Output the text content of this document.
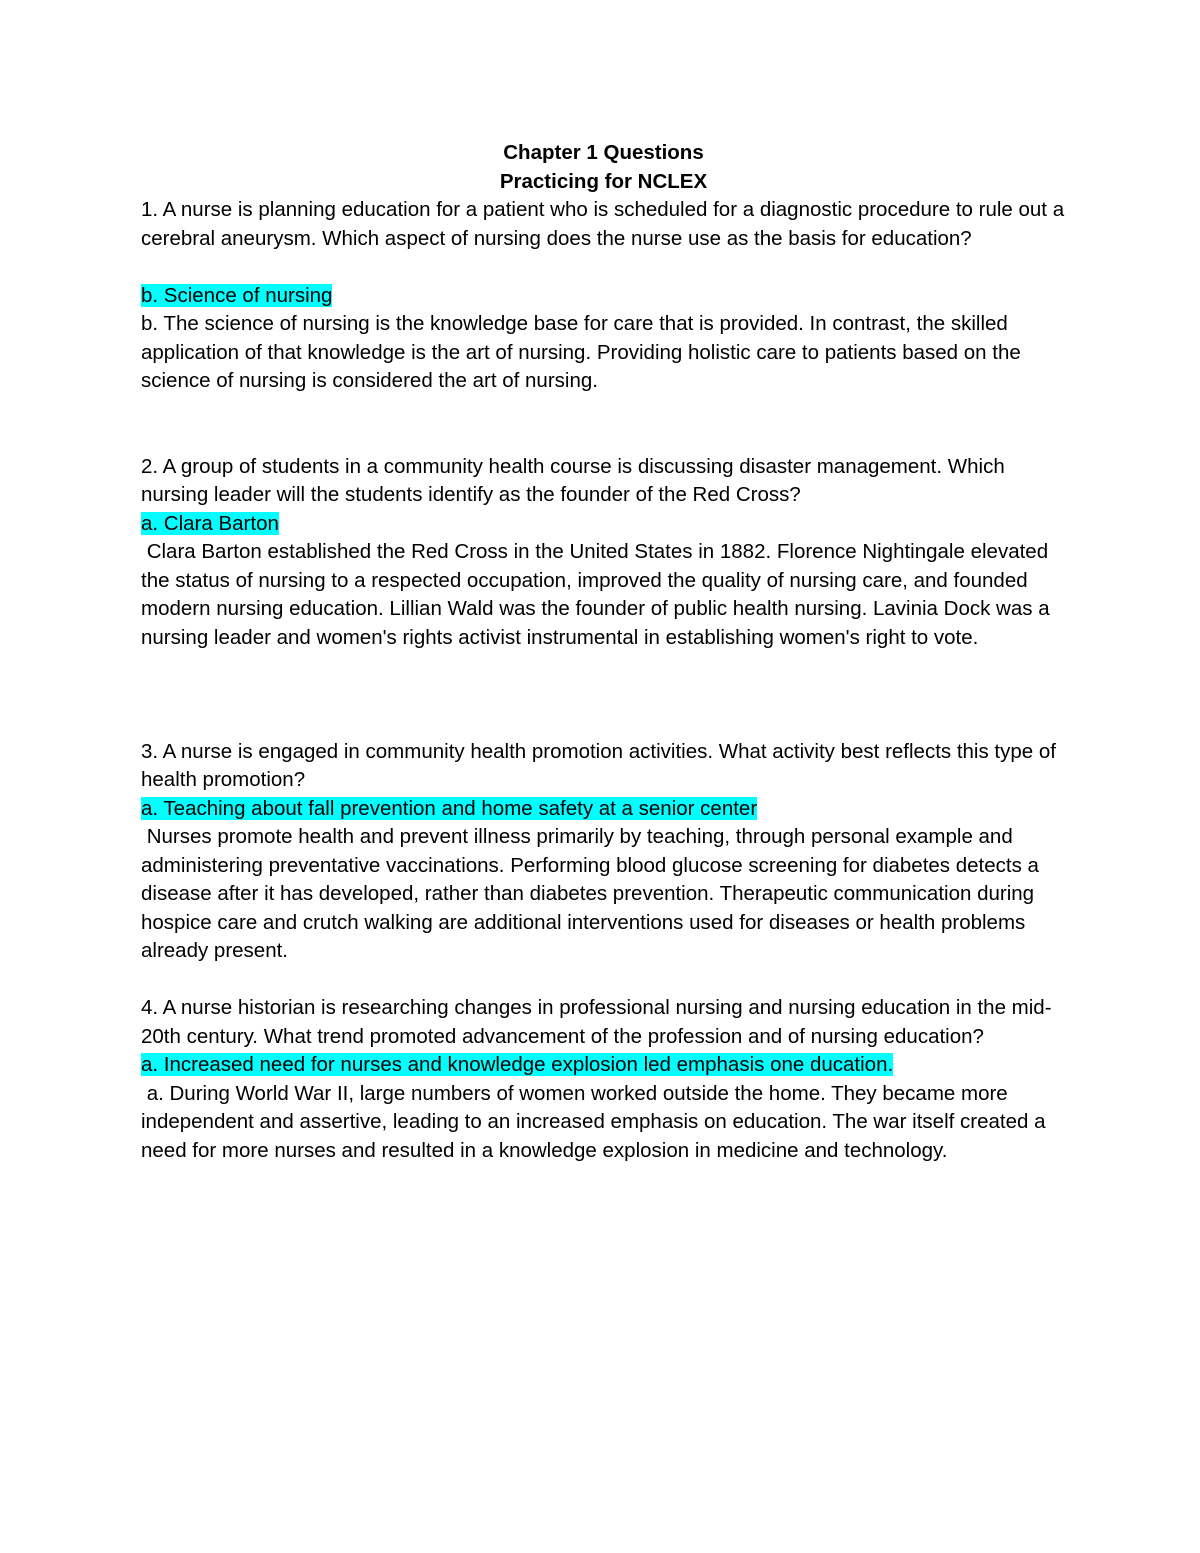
Chapter 1 Questions

Practicing for NCLEX

1. A nurse is planning education for a patient who is scheduled for a diagnostic procedure to rule out a cerebral aneurysm. Which aspect of nursing does the nurse use as the basis for education?

b. Science of nursing

b. The science of nursing is the knowledge base for care that is provided. In contrast, the skilled application of that knowledge is the art of nursing. Providing holistic care to patients based on the science of nursing is considered the art of nursing.

2. A group of students in a community health course is discussing disaster management. Which nursing leader will the students identify as the founder of the Red Cross?

a. Clara Barton

Clara Barton established the Red Cross in the United States in 1882. Florence Nightingale elevated the status of nursing to a respected occupation, improved the quality of nursing care, and founded modern nursing education. Lillian Wald was the founder of public health nursing. Lavinia Dock was a nursing leader and women's rights activist instrumental in establishing women's right to vote.

3. A nurse is engaged in community health promotion activities. What activity best reflects this type of health promotion?

a. Teaching about fall prevention and home safety at a senior center

Nurses promote health and prevent illness primarily by teaching, through personal example and administering preventative vaccinations. Performing blood glucose screening for diabetes detects a disease after it has developed, rather than diabetes prevention. Therapeutic communication during hospice care and crutch walking are additional interventions used for diseases or health problems already present.

4. A nurse historian is researching changes in professional nursing and nursing education in the mid-20th century. What trend promoted advancement of the profession and of nursing education?

a. Increased need for nurses and knowledge explosion led emphasis one ducation.

a. During World War II, large numbers of women worked outside the home. They became more independent and assertive, leading to an increased emphasis on education. The war itself created a need for more nurses and resulted in a knowledge explosion in medicine and technology.
